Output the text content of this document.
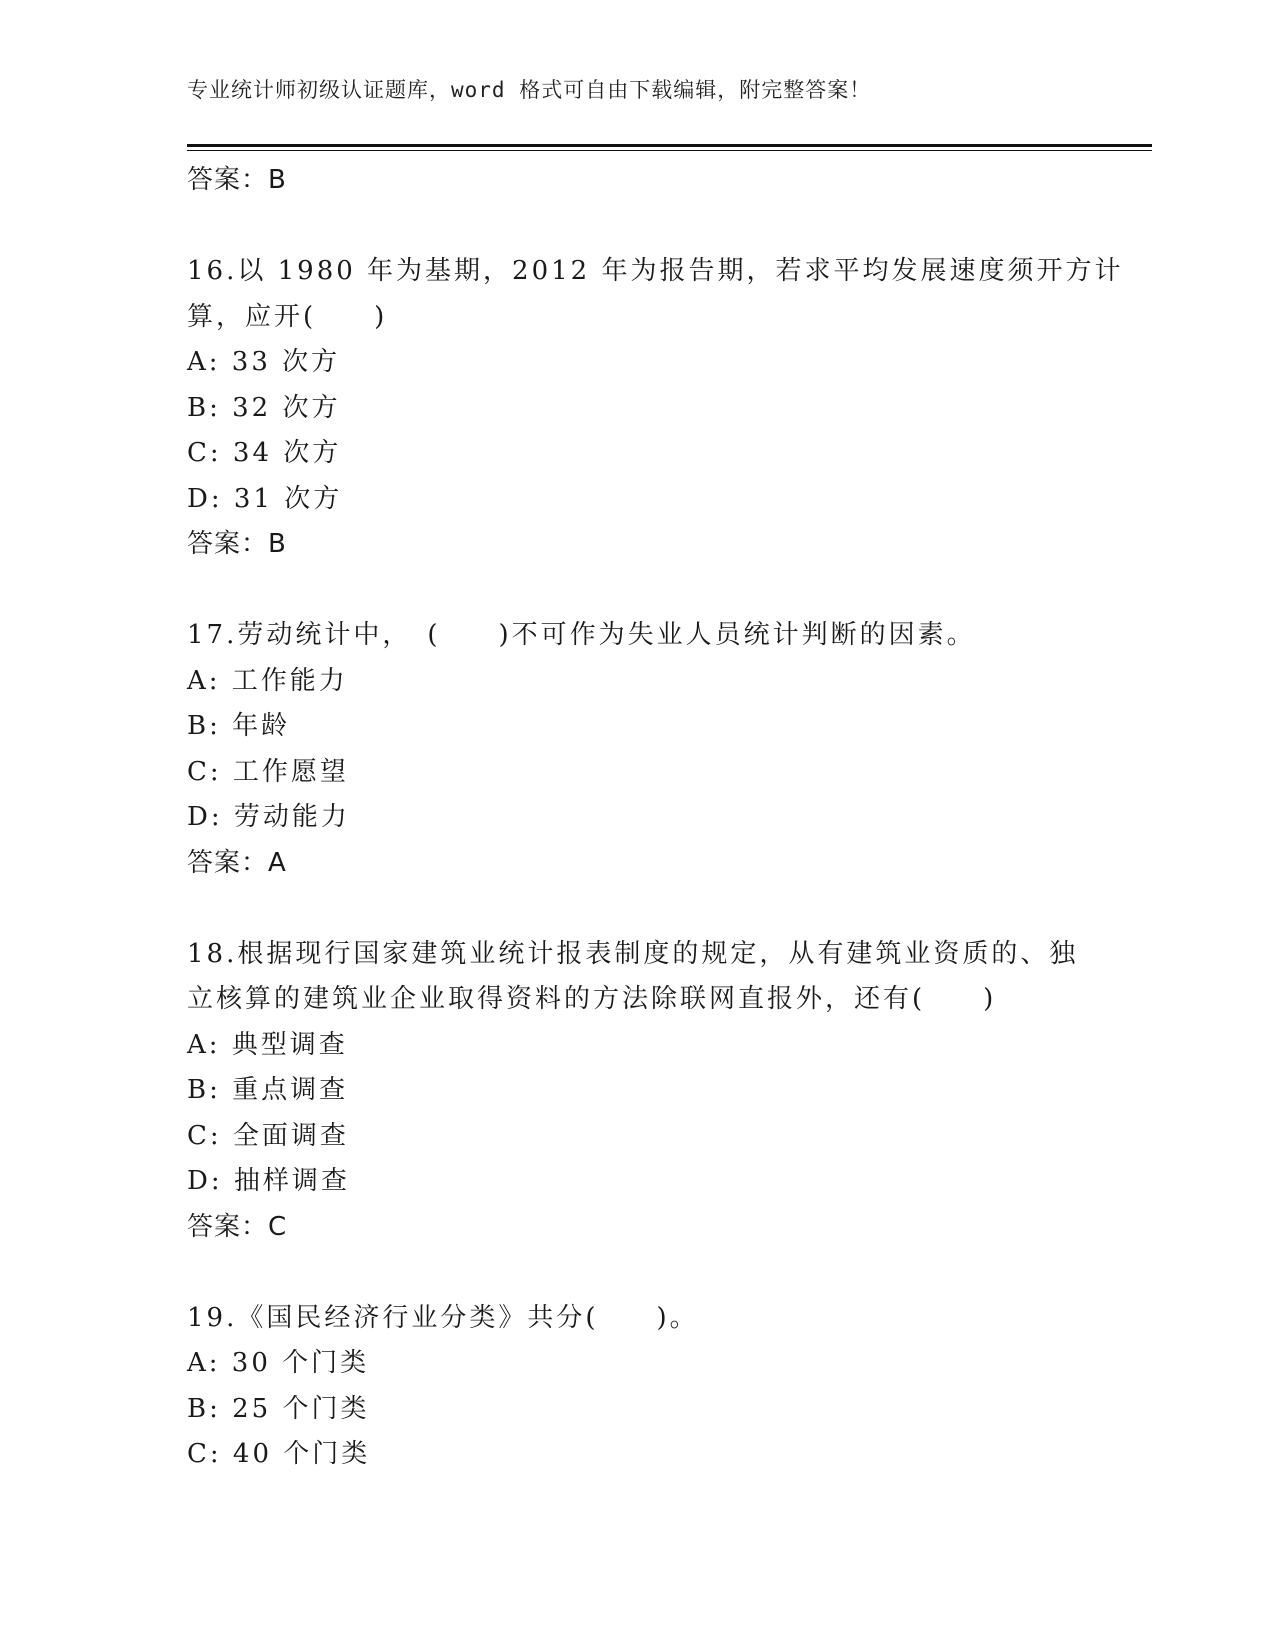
专业统计师初级认证题库，word 格式可自由下载编辑，附完整答案！
答案：B
16.以 1980 年为基期，2012 年为报告期，若求平均发展速度须开方计
算，应开(　　)
A: 33 次方
B: 32 次方
C: 34 次方
D: 31 次方
答案：B
17.劳动统计中，　(　　)不可作为失业人员统计判断的因素。
A: 工作能力
B: 年龄
C: 工作愿望
D: 劳动能力
答案：A
18.根据现行国家建筑业统计报表制度的规定，从有建筑业资质的、独
立核算的建筑业企业取得资料的方法除联网直报外，还有(　　)
A: 典型调查
B: 重点调查
C: 全面调查
D: 抽样调查
答案：C
19.《国民经济行业分类》共分(　　)。
A: 30 个门类
B: 25 个门类
C: 40 个门类
